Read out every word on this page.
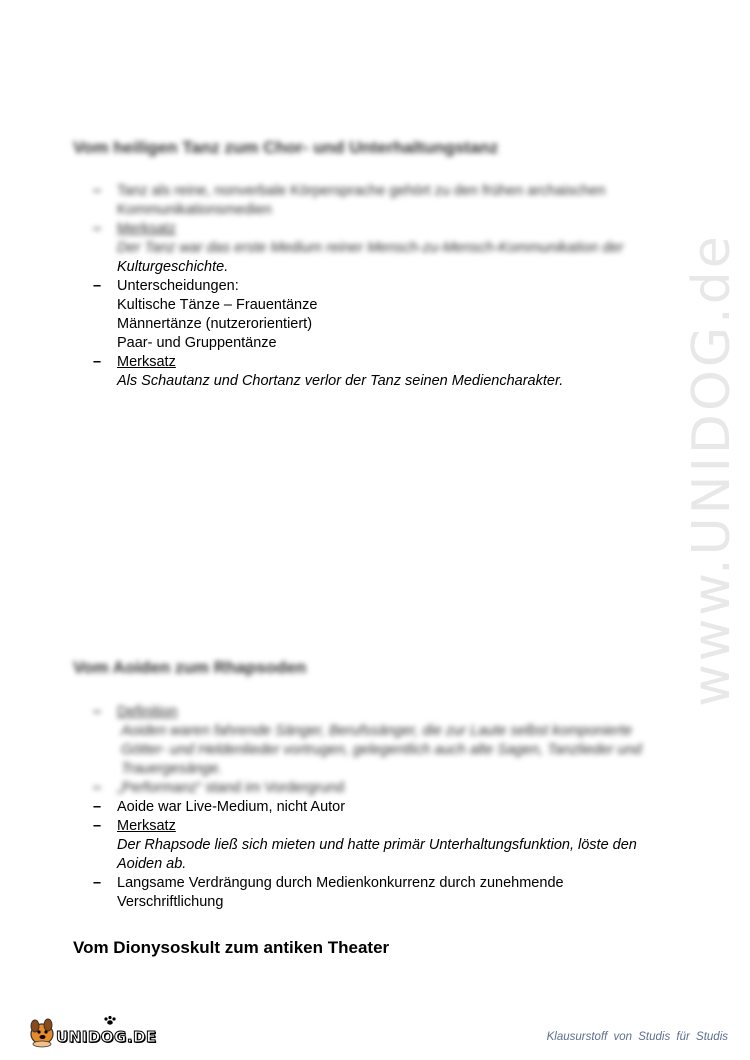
www.UNIDOG.de
Vom heiligen Tanz zum Chor- und Unterhaltungstanz
–	Tanz als reine, nonverbale Körpersprache gehört zu den frühen archaischen Kommunikationsmedien
–	Merksatz
Der Tanz war das erste Medium reiner Mensch-zu-Mensch-Kommunikation der
Kulturgeschichte.
–	Unterscheidungen:
Kultische Tänze – Frauentänze
Männertänze (nutzerorientiert)
Paar- und Gruppentänze
–	Merksatz
Als Schautanz und Chortanz verlor der Tanz seinen Mediencharakter.
Vom Aoiden zum Rhapsoden
–	Definition
Aoiden waren fahrende Sänger, Berufssänger, die zur Laute selbst komponierte Götter- und Heldenlieder vortrugen, gelegentlich auch alte Sagen, Tanzlieder und Trauergesänge.
–	„Performanz“ stand im Vordergrund
–	Aoide war Live-Medium, nicht Autor
–	Merksatz
Der Rhapsode ließ sich mieten und hatte primär Unterhaltungsfunktion, löste den Aoiden ab.
–	Langsame Verdrängung durch Medienkonkurrenz durch zunehmende Verschriftlichung
Vom Dionysoskult zum antiken Theater
UNIDOG.DE	Klausurstoff von Studis für Studis
